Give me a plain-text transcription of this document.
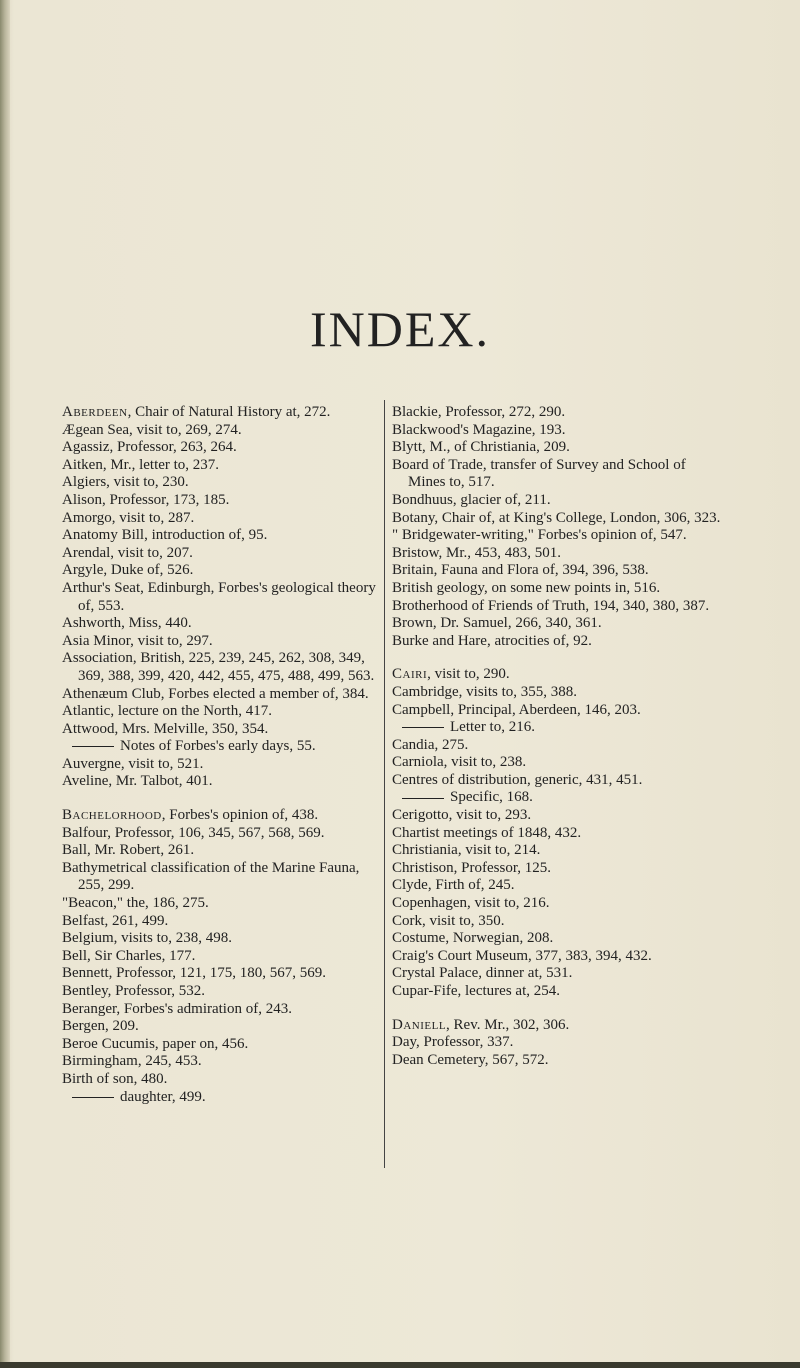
INDEX.

Aberdeen, Chair of Natural History at, 272.

Ægean Sea, visit to, 269, 274.

Agassiz, Professor, 263, 264.

Aitken, Mr., letter to, 237.

Algiers, visit to, 230.

Alison, Professor, 173, 185.

Amorgo, visit to, 287.

Anatomy Bill, introduction of, 95.

Arendal, visit to, 207.

Argyle, Duke of, 526.

Arthur's Seat, Edinburgh, Forbes's geological theory of, 553.

Ashworth, Miss, 440.

Asia Minor, visit to, 297.

Association, British, 225, 239, 245, 262, 308, 349, 369, 388, 399, 420, 442, 455, 475, 488, 499, 563.

Athenæum Club, Forbes elected a member of, 384.

Atlantic, lecture on the North, 417.

Attwood, Mrs. Melville, 350, 354.

Notes of Forbes's early days, 55.

Auvergne, visit to, 521.

Aveline, Mr. Talbot, 401.

Bachelorhood, Forbes's opinion of, 438.

Balfour, Professor, 106, 345, 567, 568, 569.

Ball, Mr. Robert, 261.

Bathymetrical classification of the Marine Fauna, 255, 299.

"Beacon," the, 186, 275.

Belfast, 261, 499.

Belgium, visits to, 238, 498.

Bell, Sir Charles, 177.

Bennett, Professor, 121, 175, 180, 567, 569.

Bentley, Professor, 532.

Beranger, Forbes's admiration of, 243.

Bergen, 209.

Beroe Cucumis, paper on, 456.

Birmingham, 245, 453.

Birth of son, 480.

daughter, 499.

Blackie, Professor, 272, 290.

Blackwood's Magazine, 193.

Blytt, M., of Christiania, 209.

Board of Trade, transfer of Survey and School of Mines to, 517.

Bondhuus, glacier of, 211.

Botany, Chair of, at King's College, London, 306, 323.

" Bridgewater-writing," Forbes's opinion of, 547.

Bristow, Mr., 453, 483, 501.

Britain, Fauna and Flora of, 394, 396, 538.

British geology, on some new points in, 516.

Brotherhood of Friends of Truth, 194, 340, 380, 387.

Brown, Dr. Samuel, 266, 340, 361.

Burke and Hare, atrocities of, 92.

Cairi, visit to, 290.

Cambridge, visits to, 355, 388.

Campbell, Principal, Aberdeen, 146, 203.

Letter to, 216.

Candia, 275.

Carniola, visit to, 238.

Centres of distribution, generic, 431, 451.

Specific, 168.

Cerigotto, visit to, 293.

Chartist meetings of 1848, 432.

Christiania, visit to, 214.

Christison, Professor, 125.

Clyde, Firth of, 245.

Copenhagen, visit to, 216.

Cork, visit to, 350.

Costume, Norwegian, 208.

Craig's Court Museum, 377, 383, 394, 432.

Crystal Palace, dinner at, 531.

Cupar-Fife, lectures at, 254.

Daniell, Rev. Mr., 302, 306.

Day, Professor, 337.

Dean Cemetery, 567, 572.
